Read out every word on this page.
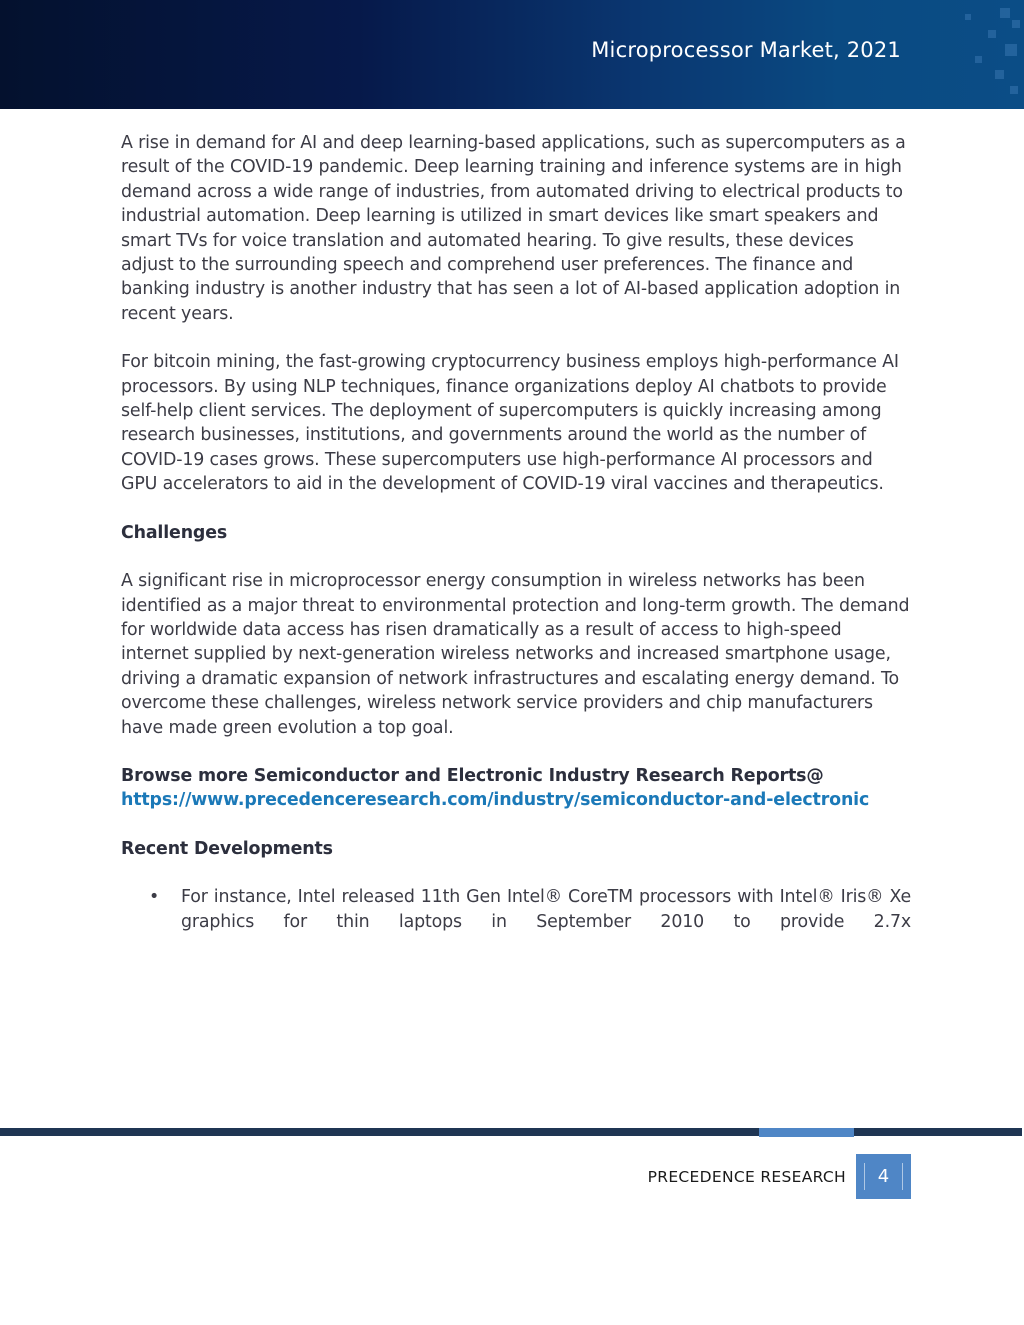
Microprocessor Market, 2021

A rise in demand for AI and deep learning-based applications, such as supercomputers as a result of the COVID-19 pandemic. Deep learning training and inference systems are in high demand across a wide range of industries, from automated driving to electrical products to industrial automation. Deep learning is utilized in smart devices like smart speakers and smart TVs for voice translation and automated hearing. To give results, these devices adjust to the surrounding speech and comprehend user preferences. The finance and banking industry is another industry that has seen a lot of AI-based application adoption in recent years.

For bitcoin mining, the fast-growing cryptocurrency business employs high-performance AI processors. By using NLP techniques, finance organizations deploy AI chatbots to provide self-help client services. The deployment of supercomputers is quickly increasing among research businesses, institutions, and governments around the world as the number of COVID-19 cases grows. These supercomputers use high-performance AI processors and GPU accelerators to aid in the development of COVID-19 viral vaccines and therapeutics.

Challenges

A significant rise in microprocessor energy consumption in wireless networks has been identified as a major threat to environmental protection and long-term growth. The demand for worldwide data access has risen dramatically as a result of access to high-speed internet supplied by next-generation wireless networks and increased smartphone usage, driving a dramatic expansion of network infrastructures and escalating energy demand. To overcome these challenges, wireless network service providers and chip manufacturers have made green evolution a top goal.

Browse more Semiconductor and Electronic Industry Research Reports@ https://www.precedenceresearch.com/industry/semiconductor-and-electronic

Recent Developments
• For instance, Intel released 11th Gen Intel® CoreTM processors with Intel® Iris® Xe graphics for thin laptops in September 2010 to provide 2.7x
PRECEDENCE RESEARCH 4
